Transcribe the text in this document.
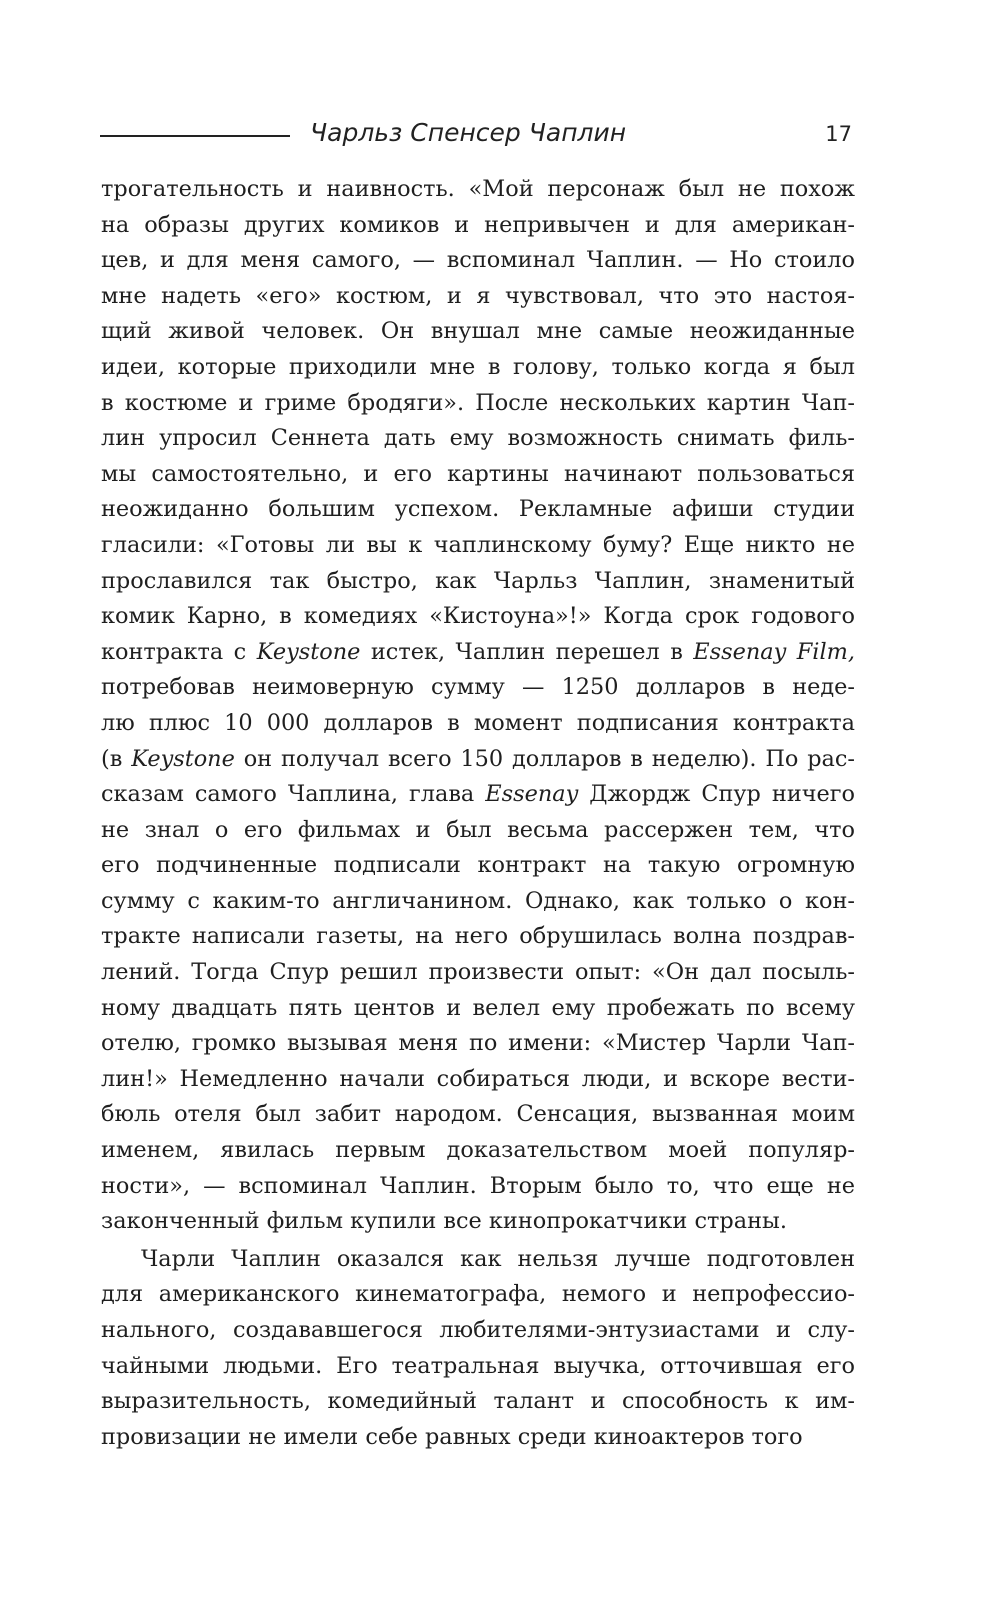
Чарльз Спенсер Чаплин	17
трогательность и наивность. «Мой персонаж был не похож
на образы других комиков и непривычен и для американ-
цев, и для меня самого, — вспоминал Чаплин. — Но стоило
мне надеть «его» костюм, и я чувствовал, что это настоя-
щий живой человек. Он внушал мне самые неожиданные
идеи, которые приходили мне в голову, только когда я был
в костюме и гриме бродяги». После нескольких картин Чап-
лин упросил Сеннета дать ему возможность снимать филь-
мы самостоятельно, и его картины начинают пользоваться
неожиданно большим успехом. Рекламные афиши студии
гласили: «Готовы ли вы к чаплинскому буму? Еще никто не
прославился так быстро, как Чарльз Чаплин, знаменитый
комик Карно, в комедиях «Кистоуна»!» Когда срок годового
контракта с Keystone истек, Чаплин перешел в Essenay Film,
потребовав неимоверную сумму — 1250 долларов в неде-
лю плюс 10 000 долларов в момент подписания контракта
(в Keystone он получал всего 150 долларов в неделю). По рас-
сказам самого Чаплина, глава Essenay Джордж Спур ничего
не знал о его фильмах и был весьма рассержен тем, что
его подчиненные подписали контракт на такую огромную
сумму с каким-то англичанином. Однако, как только о кон-
тракте написали газеты, на него обрушилась волна поздрав-
лений. Тогда Спур решил произвести опыт: «Он дал посыль-
ному двадцать пять центов и велел ему пробежать по всему
отелю, громко вызывая меня по имени: «Мистер Чарли Чап-
лин!» Немедленно начали собираться люди, и вскоре вести-
бюль отеля был забит народом. Сенсация, вызванная моим
именем, явилась первым доказательством моей популяр-
ности», — вспоминал Чаплин. Вторым было то, что еще не
законченный фильм купили все кинопрокатчики страны.
Чарли Чаплин оказался как нельзя лучше подготовлен
для американского кинематографа, немого и непрофессио-
нального, создававшегося любителями-энтузиастами и слу-
чайными людьми. Его театральная выучка, отточившая его
выразительность, комедийный талант и способность к им-
провизации не имели себе равных среди киноактеров того
